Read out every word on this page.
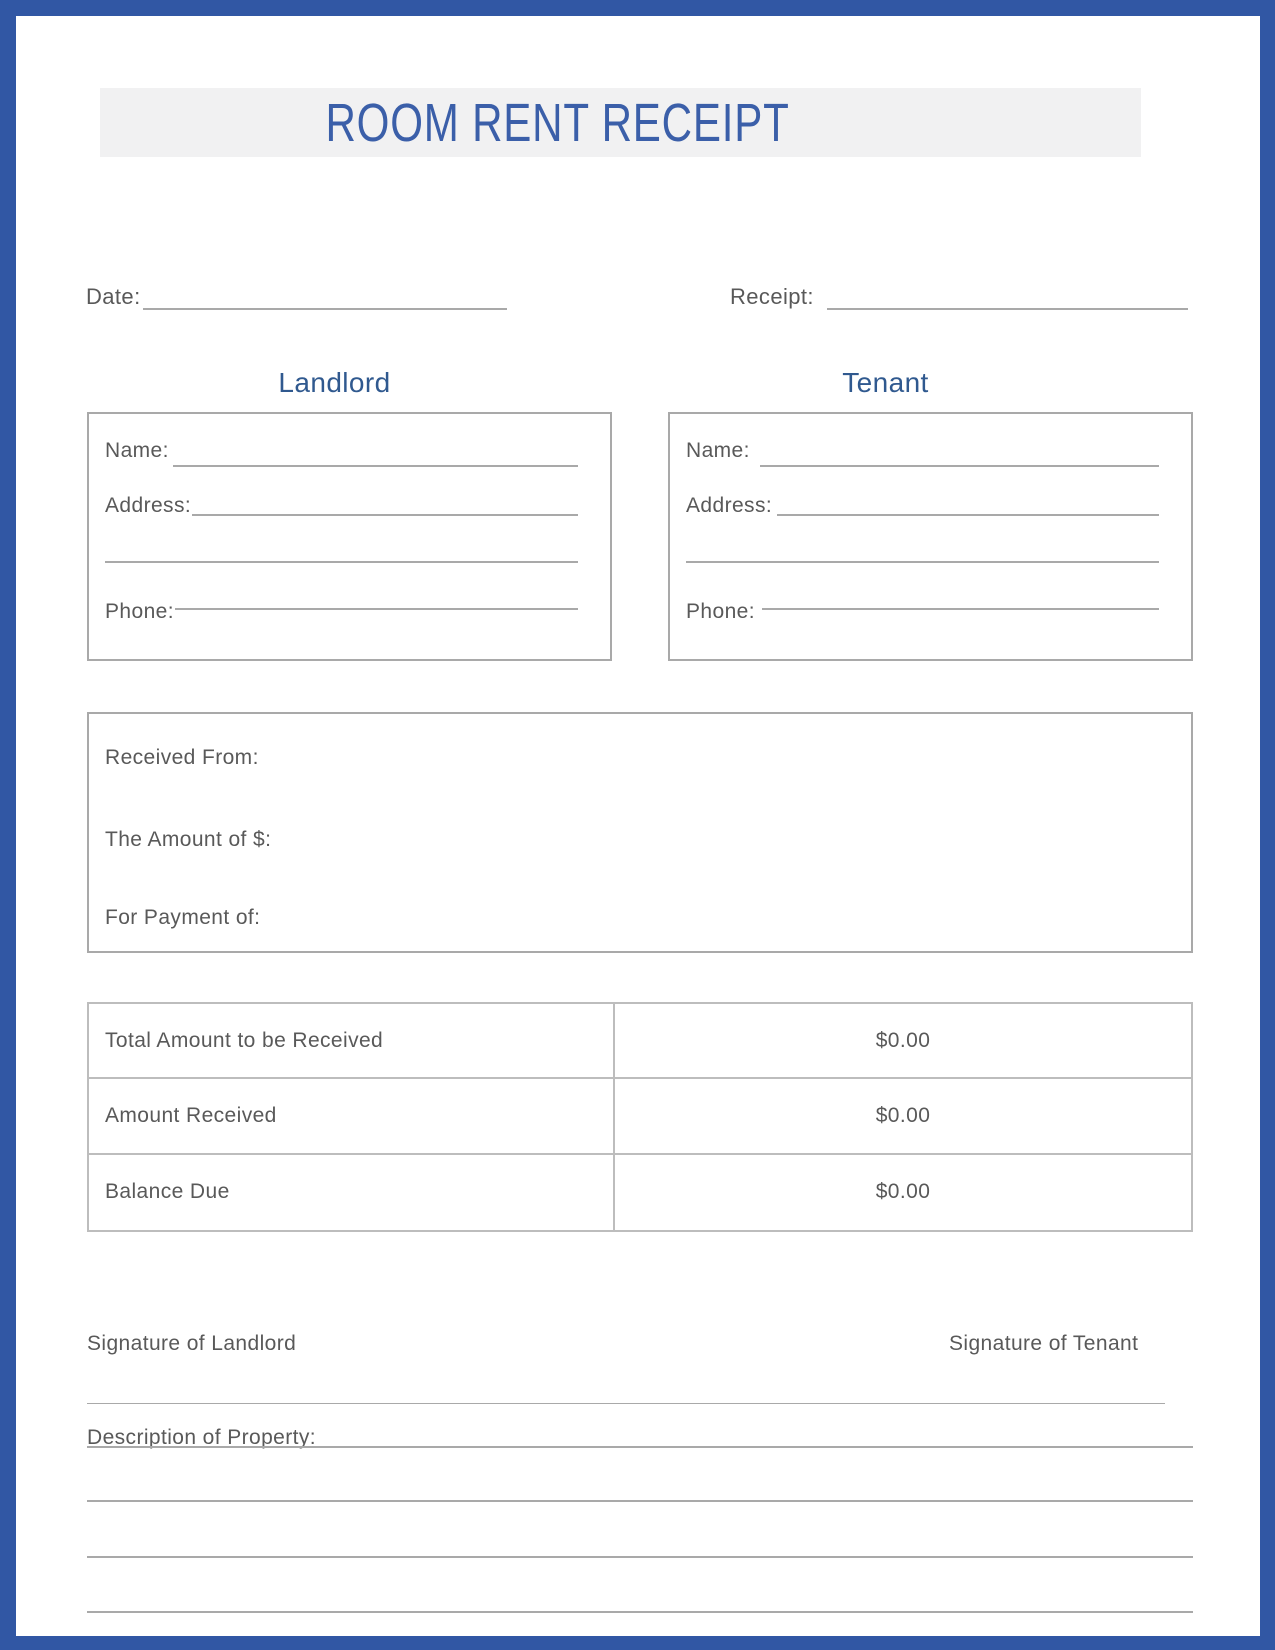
ROOM RENT RECEIPT
Date:	Receipt:
Landlord	Tenant
Name:
Address:
Phone:
Name:
Address:
Phone:
Received From:
The Amount of $:
For Payment of:
Total Amount to be Received	$0.00
Amount Received	$0.00
Balance Due	$0.00
Signature of Landlord	Signature of Tenant
Description of Property:
